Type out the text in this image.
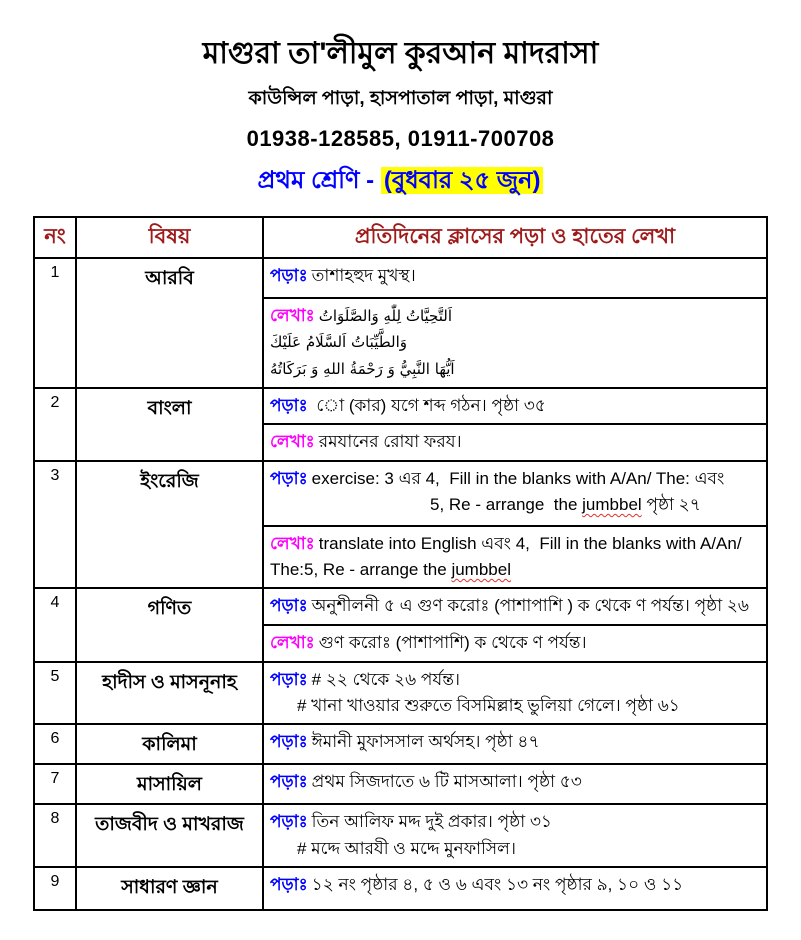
মাগুরা তা'লীমুল কুরআন মাদরাসা
কাউন্সিল পাড়া, হাসপাতাল পাড়া, মাগুরা
01938-128585, 01911-700708
প্রথম শ্রেণি - (বুধবার ২৫ জুন)
নং	বিষয়	প্রতিদিনের ক্লাসের পড়া ও হাতের লেখা
1	আরবি	পড়াঃ তাশাহহুদ মুখস্থ।

		লেখাঃ اَلتَّحِيَّاتُ لِلّٰهِ وَالصَّلَوَاتُ
وَالطَّيِّبَاتُ اَلسَّلَامُ عَلَيْكَ
اَيُّهَا النَّبِيُّ وَ رَحْمَةُ اللهِ وَ بَرَكَاتُهُ

2	বাংলা	পড়াঃ ো (কার) যগে শব্দ গঠন। পৃষ্ঠা ৩৫

		লেখাঃ রমযানের রোযা ফরয।

3	ইংরেজি	পড়াঃ exercise: 3 এর 4,  Fill in the blanks with A/An/ The: এবং
5, Re - arrange  the jumbbel পৃষ্ঠা ২৭

		লেখাঃ translate into English এবং 4,  Fill in the blanks with A/An/
The:5, Re - arrange the jumbbel

4	গণিত	পড়াঃ অনুশীলনী ৫ এ গুণ করোঃ (পাশাপাশি ) ক থেকে ণ পর্যন্ত। পৃষ্ঠা ২৬

		লেখাঃ গুণ করোঃ (পাশাপাশি) ক থেকে ণ পর্যন্ত।

5	হাদীস ও মাসনূনাহ	পড়াঃ # ২২ থেকে ২৬ পর্যন্ত।
# খানা খাওয়ার শুরুতে বিসমিল্লাহ ভুলিয়া গেলে। পৃষ্ঠা ৬১

6	কালিমা	পড়াঃ ঈমানী মুফাসসাল অর্থসহ। পৃষ্ঠা ৪৭

7	মাসায়িল	পড়াঃ প্রথম সিজদাতে ৬ টি মাসআলা। পৃষ্ঠা ৫৩

8	তাজবীদ ও মাখরাজ	পড়াঃ তিন আলিফ মদ্দ দুই প্রকার। পৃষ্ঠা ৩১
# মদ্দে আরযী ও মদ্দে মুনফাসিল।

9	সাধারণ জ্ঞান	পড়াঃ ১২ নং পৃষ্ঠার ৪, ৫ ও ৬ এবং ১৩ নং পৃষ্ঠার ৯, ১০ ও ১১
